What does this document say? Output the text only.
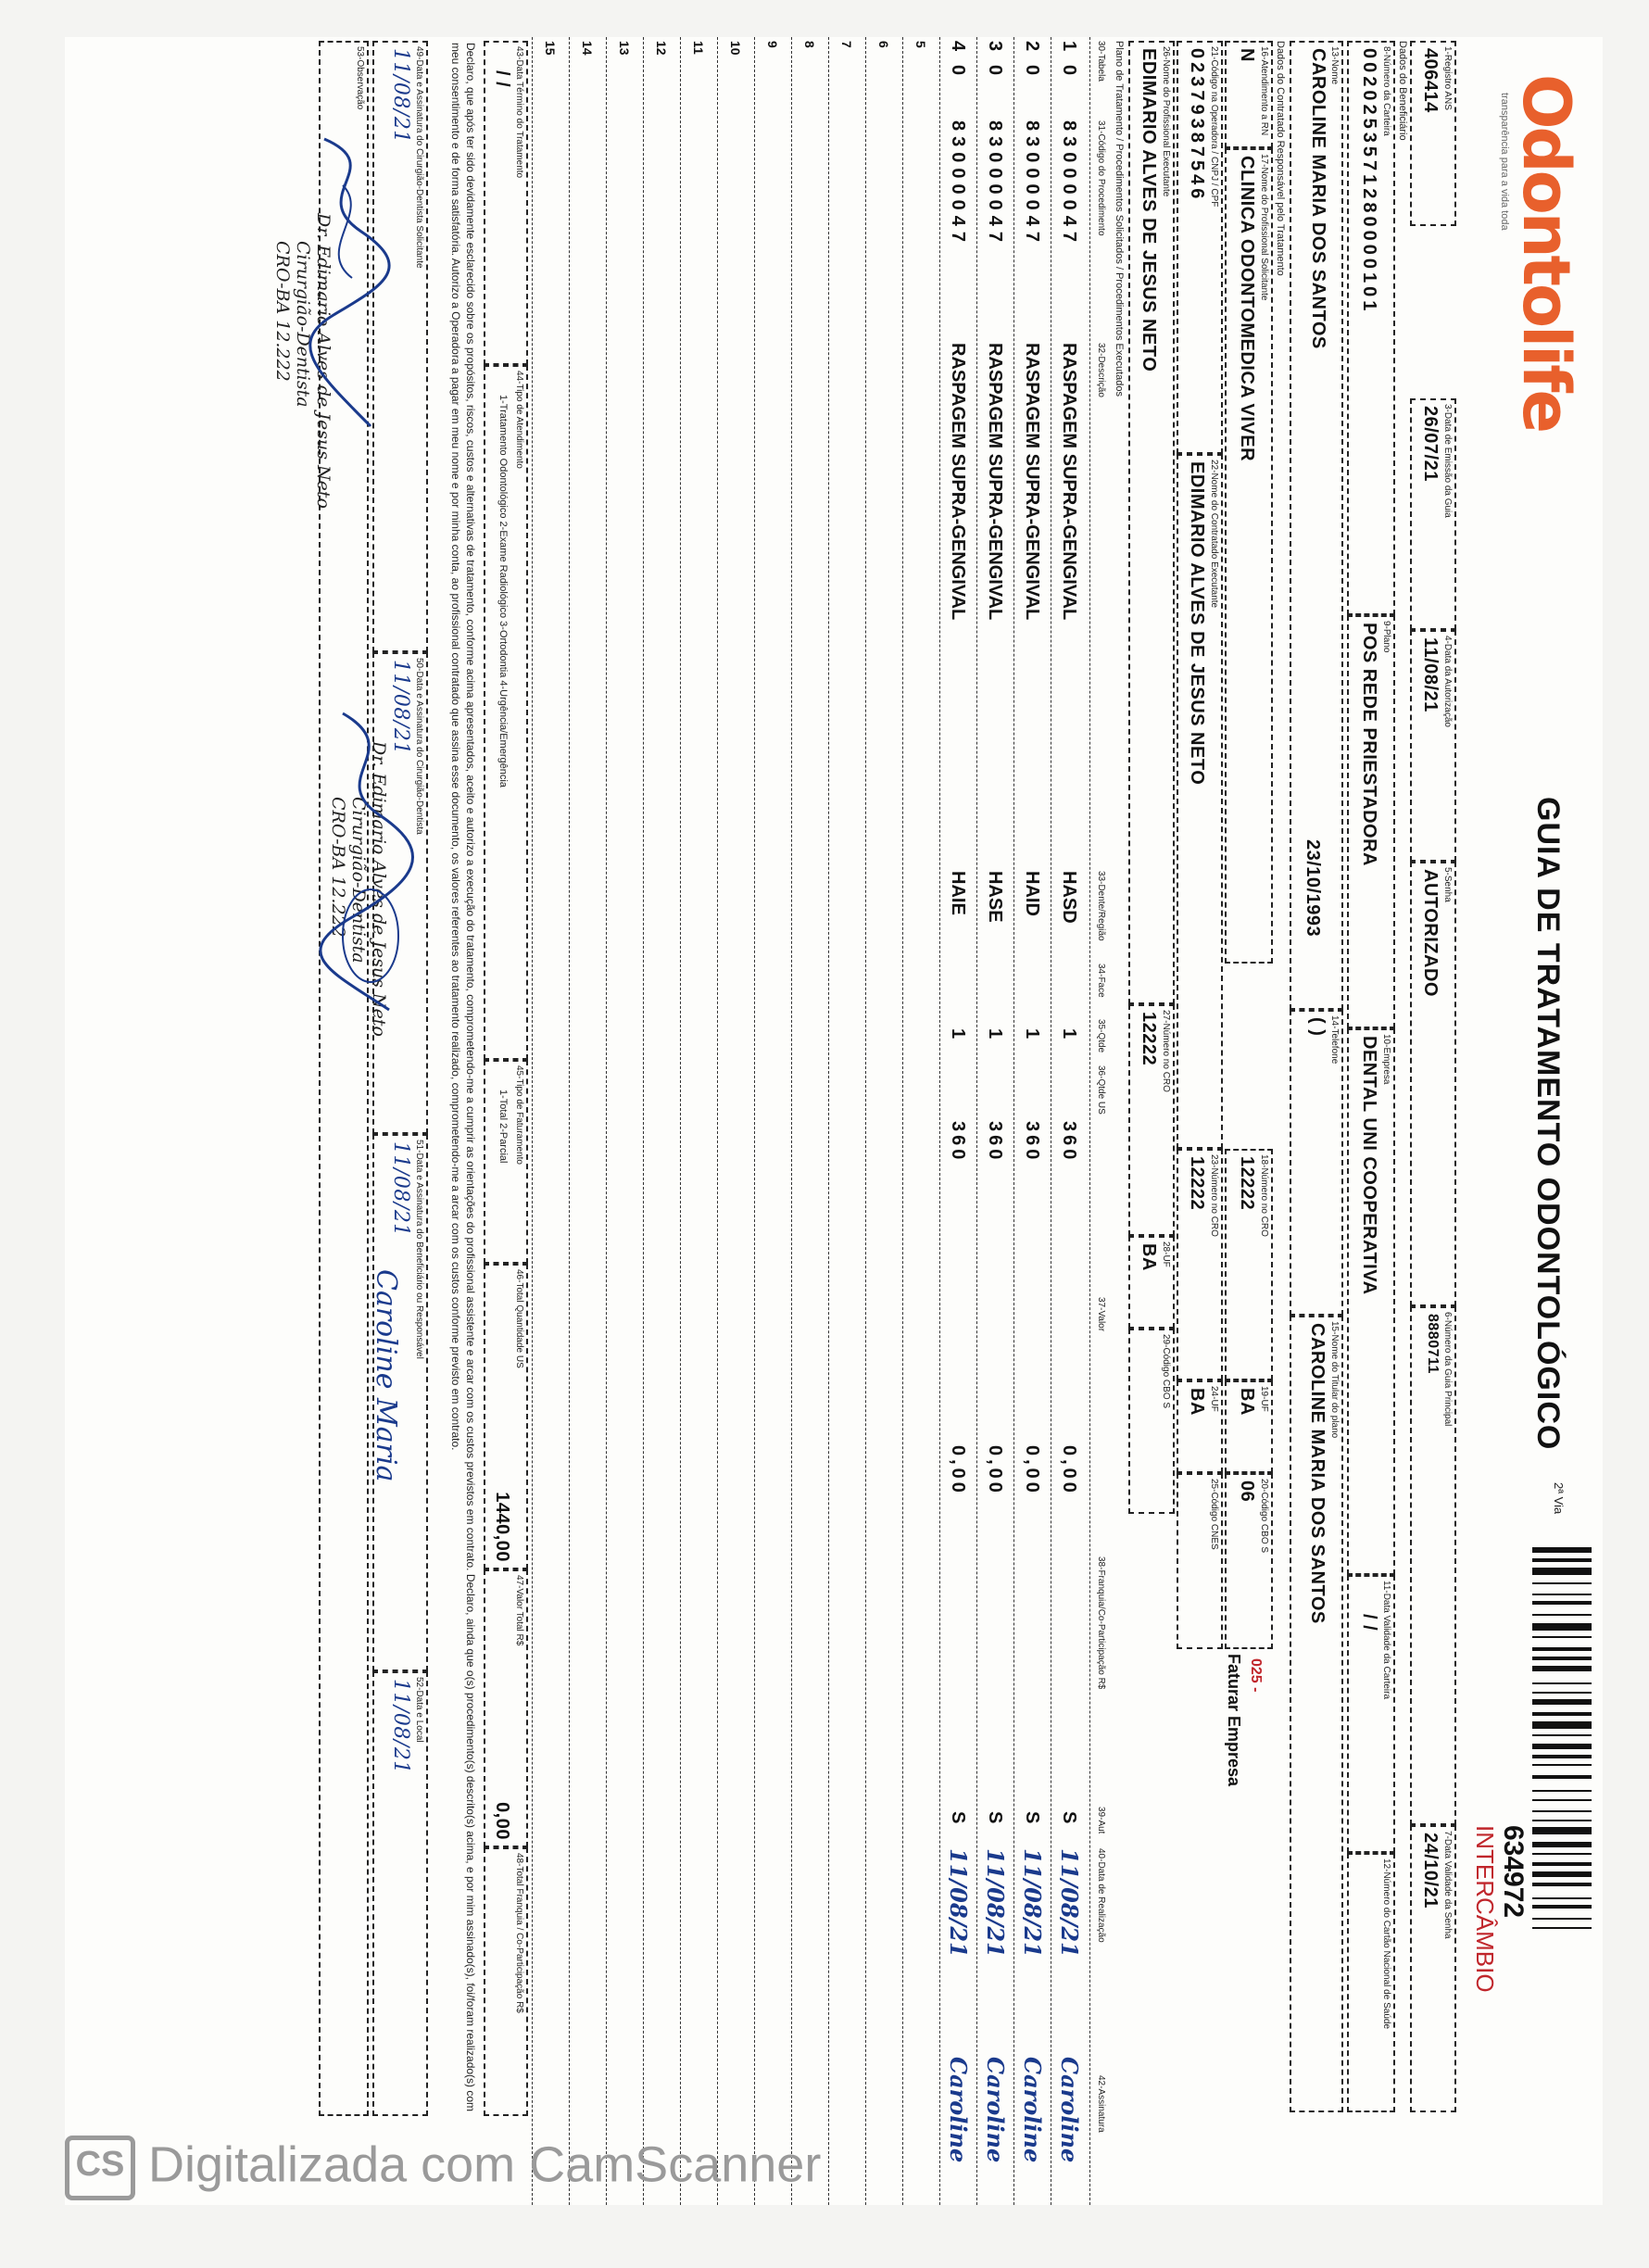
Odontolife
transparência para a vida toda
GUIA DE TRATAMENTO ODONTOLÓGICO
2ª Via
634972
INTERCÂMBIO
1-Registro ANS
406414
3-Data de Emissão da Guia
26/07/21
4-Data da Autorização
11/08/21
5-Senha
AUTORIZADO
6-Número da Guia Principal
8880711
7-Data Validade da Senha
24/10/21
Dados do Beneficiário
8-Número da Carteira
0020253571280000101
9-Plano
POS REDE PRIESTADORA
10-Empresa
DENTAL UNI COOPERATIVA
11-Data Validade da Carteira
/ /
12-Número do Cartão Nacional de Saúde
13-Nome
CAROLINE MARIA DOS SANTOS
23/10/1993
14-Telefone
( )
15-Nome do Titular do plano
CAROLINE MARIA DOS SANTOS
Dados do Contratado Responsável pelo Tratamento
16-Atendimento a RN
N
17-Nome do Profissional Solicitante
CLINICA ODONTOMEDICA VIVER
18-Número no CRO
12222
19-UF
BA
20-Código CBO S
06
025 -
Faturar Empresa
21-Código na Operadora / CNPJ / CPF
02379387546
22-Nome do Contratado Executante
EDIMARIO ALVES DE JESUS NETO
23-Número no CRO
12222
24-UF
BA
25-Código CNES
26-Nome do Profissional Executante
EDIMARIO ALVES DE JESUS NETO
27-Número no CRO
12222
28-UF
BA
29-Código CBO S
Plano de Tratamento / Procedimentos Solicitados / Procedimentos Executados
30-Tabela
31-Código do Procedimento
32-Descrição
33-Dente/Região
34-Face
35-Qtde
36-Qtde US
37-Valor
38-Franquia/Co-Participação R$
39-Aut
40-Data de Realização
42-Assinatura
1
0
83000047
RASPAGEM SUPRA-GENGIVAL
HASD
1
360
0,00
S
11/08/21
Caroline
2
0
83000047
RASPAGEM SUPRA-GENGIVAL
HAID
1
360
0,00
S
11/08/21
Caroline
3
0
83000047
RASPAGEM SUPRA-GENGIVAL
HASE
1
360
0,00
S
11/08/21
Caroline
4
0
83000047
RASPAGEM SUPRA-GENGIVAL
HAIE
1
360
0,00
S
11/08/21
Caroline
5
6
7
8
9
10
11
12
13
14
15
43-Data Término do Tratamento
/ /
44-Tipo de Atendimento
1-Tratamento Odontológico 2-Exame Radiológico 3-Ortodontia 4-Urgência/Emergência
45-Tipo de Faturamento
1-Total 2-Parcial
46-Total Quantidade US
1440,00
47-Valor Total R$
0,00
48-Total Franquia / Co-Participação R$
Declaro, que após ter sido devidamente esclarecido sobre os propósitos, riscos, custos e alternativas de tratamento, conforme acima apresentados, aceito e autorizo a execução do tratamento, comprometendo-me a cumprir as orientações do profissional assistente e arcar com os custos previstos em contrato. Declaro, ainda que o(s) procedimento(s) descrito(s) acima, e por mim assinado(s), foi/foram realizado(s) com meu consentimento e de forma satisfatória. Autorizo a Operadora a pagar em meu nome e por minha conta, ao profissional contratado que assina esse documento, os valores referentes ao tratamento realizado, comprometendo-me a arcar com os custos conforme previsto em contrato.
49-Data e Assinatura do Cirurgião-Dentista Solicitante
11/08/21
50-Data e Assinatura do Cirurgião-Dentista
11/08/21
51-Data e Assinatura do Beneficiário ou Responsável
11/08/21
52-Data e Local
11/08/21
53-Observação
Dr. Edimario Alves de Jesus Neto
Cirurgião-Dentista
CRO-BA 12.222
Dr. Edimario Alves de Jesus Neto
Cirurgião-Dentista
CRO-BA 12.222
Caroline Maria
CS Digitalizada com CamScanner
